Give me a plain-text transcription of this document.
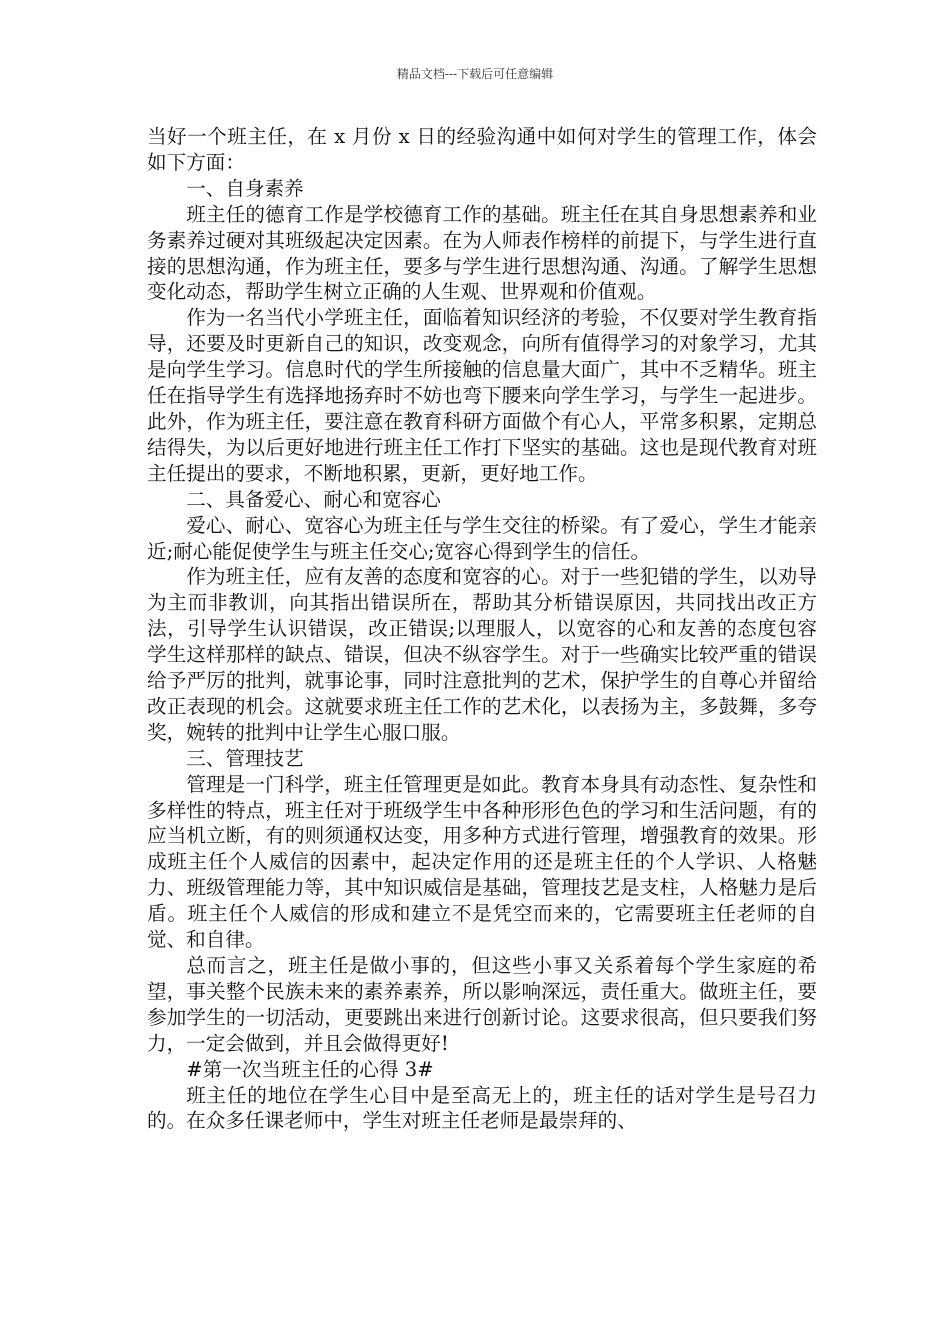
精品文档---下载后可任意编辑

当好一个班主任，在 x 月份 x 日的经验沟通中如何对学生的管理工作，体会如下方面：

一、自身素养

班主任的德育工作是学校德育工作的基础。班主任在其自身思想素养和业务素养过硬对其班级起决定因素。在为人师表作榜样的前提下，与学生进行直接的思想沟通，作为班主任，要多与学生进行思想沟通、沟通。了解学生思想变化动态，帮助学生树立正确的人生观、世界观和价值观。

作为一名当代小学班主任，面临着知识经济的考验，不仅要对学生教育指导，还要及时更新自己的知识，改变观念，向所有值得学习的对象学习，尤其是向学生学习。信息时代的学生所接触的信息量大面广，其中不乏精华。班主任在指导学生有选择地扬弃时不妨也弯下腰来向学生学习，与学生一起进步。此外，作为班主任，要注意在教育科研方面做个有心人，平常多积累，定期总结得失，为以后更好地进行班主任工作打下坚实的基础。这也是现代教育对班主任提出的要求，不断地积累，更新，更好地工作。

二、具备爱心、耐心和宽容心

爱心、耐心、宽容心为班主任与学生交往的桥梁。有了爱心，学生才能亲近;耐心能促使学生与班主任交心;宽容心得到学生的信任。

作为班主任，应有友善的态度和宽容的心。对于一些犯错的学生，以劝导为主而非教训，向其指出错误所在，帮助其分析错误原因，共同找出改正方法，引导学生认识错误，改正错误;以理服人，以宽容的心和友善的态度包容学生这样那样的缺点、错误，但决不纵容学生。对于一些确实比较严重的错误给予严厉的批判，就事论事，同时注意批判的艺术，保护学生的自尊心并留给改正表现的机会。这就要求班主任工作的艺术化，以表扬为主，多鼓舞，多夸奖，婉转的批判中让学生心服口服。

三、管理技艺

管理是一门科学，班主任管理更是如此。教育本身具有动态性、复杂性和多样性的特点，班主任对于班级学生中各种形形色色的学习和生活问题，有的应当机立断，有的则须通权达变，用多种方式进行管理，增强教育的效果。形成班主任个人威信的因素中，起决定作用的还是班主任的个人学识、人格魅力、班级管理能力等，其中知识威信是基础，管理技艺是支柱，人格魅力是后盾。班主任个人威信的形成和建立不是凭空而来的，它需要班主任老师的自觉、和自律。

总而言之，班主任是做小事的，但这些小事又关系着每个学生家庭的希望，事关整个民族未来的素养素养，所以影响深远，责任重大。做班主任，要参加学生的一切活动，更要跳出来进行创新讨论。这要求很高，但只要我们努力，一定会做到，并且会做得更好!

#第一次当班主任的心得 3#

班主任的地位在学生心目中是至高无上的，班主任的话对学生是号召力的。在众多任课老师中，学生对班主任老师是最崇拜的、
